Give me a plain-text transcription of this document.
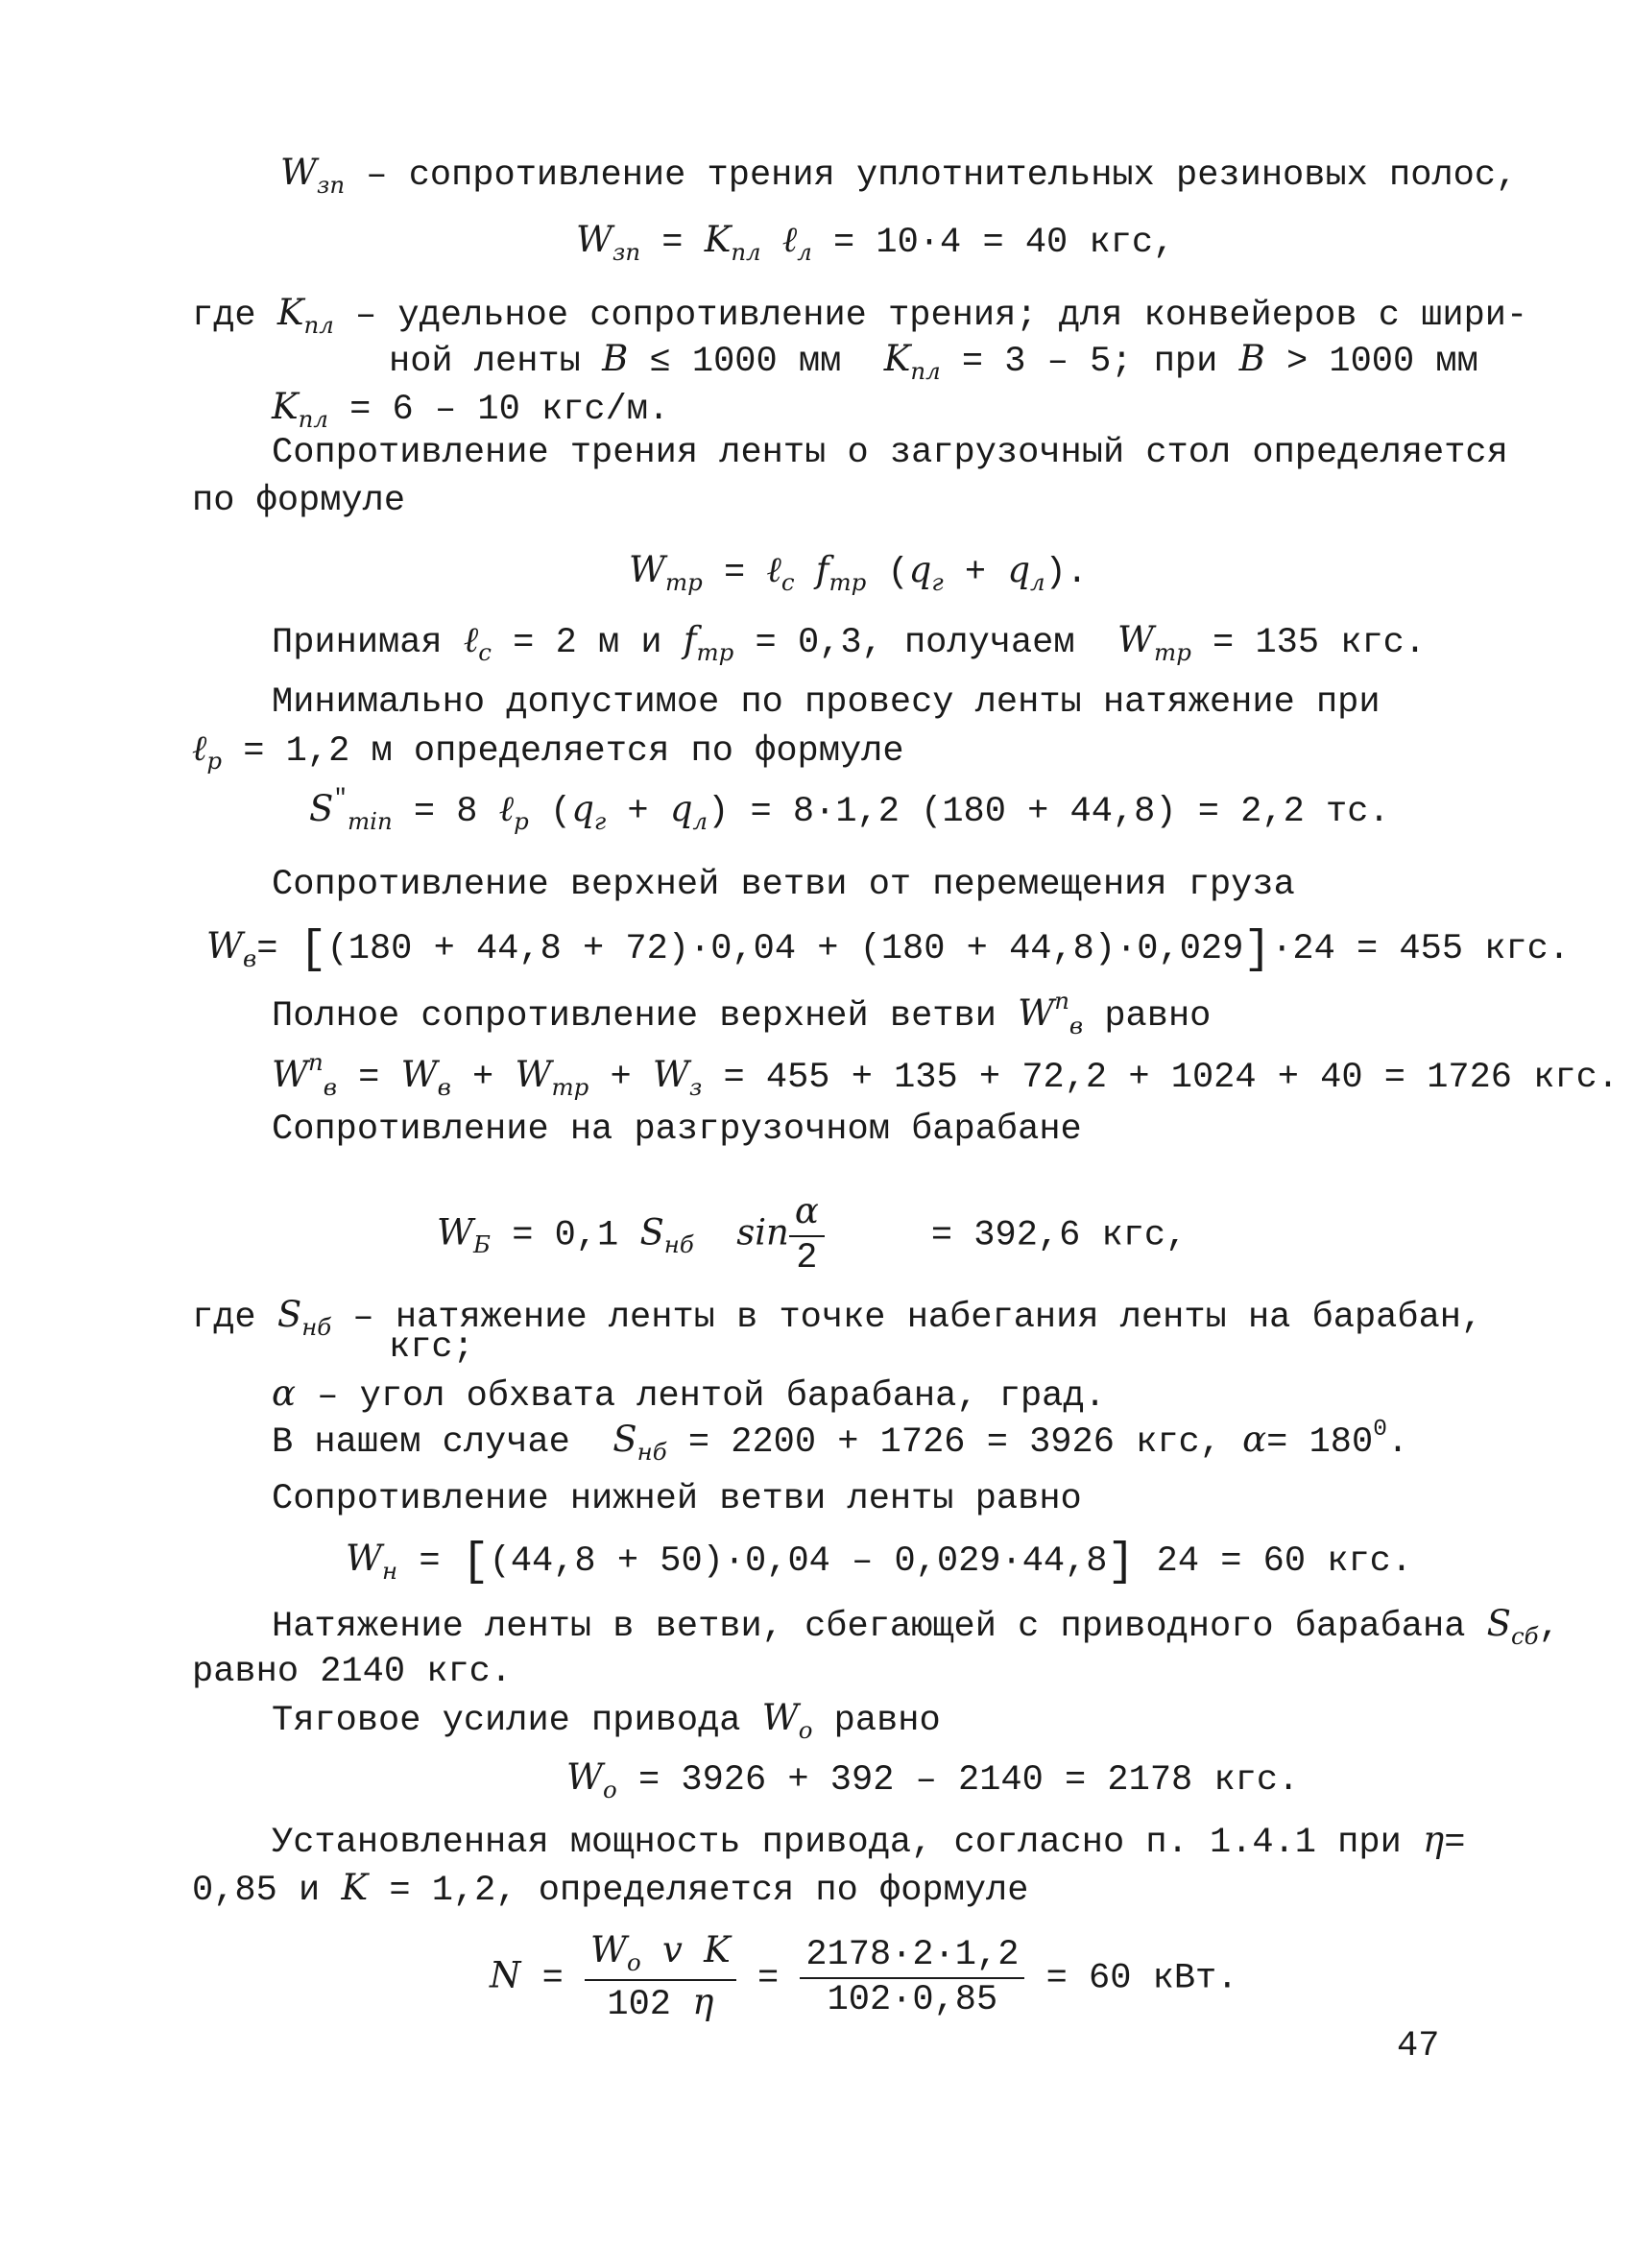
$W_{зп}$ – сопротивление трения уплотнительных резиновых полос,
$W_{зп} = K_{пл}$ ℓ$_л$ = 10·4 = 40 кгс,
где $K_{пл}$ – удельное сопротивление трения; для конвейеров с шири-
ной ленты B ≤ 1000 мм $K_{пл} = 3 - 5$; при B > 1000 мм
$K_{пл} = 6 - 10$ кгс/м.
Сопротивление трения ленты о загрузочный стол определяется
по формуле
$W_{тр}$ = ℓ$_с$ $f_{тр}$ $(q_г + q_л)$.
Принимая ℓ$_с$ = 2 м и $f_{тр} = 0,3$, получаем $W_{тр} = 135$ кгс.
Минимально допустимое по провесу ленты натяжение при
ℓ$_р$ = 1,2 м определяется по формуле
$S''_{min} = 8$ ℓ$_р$ $(q_г + q_л) = 8\cdot 1,2$ (180 + 44,8) = 2,2 тс.
Сопротивление верхней ветви от перемещения груза
$W_в= [(180 + 44,8 + 72)\cdot 0,04 + (180 + 44,8)\cdot 0,029]\cdot 24 = 455$ кгс.
Полное сопротивление верхней ветви $W^п_в$ равно
$W^п_в = W_в + W_{тр} + W_з = 455 + 135 + 72,2 + 1024 + 40 = 1726$ кгс.
Сопротивление на разгрузочном барабане
$W_Б = 0,1$ $S_{нб}$ $\sin \frac{\alpha}{2}$	= 392,6 кгс,
где $S_{нб}$ – натяжение ленты в точке набегания ленты на барабан,
кгс;
α – угол обхвата лентой барабана, град.
В нашем случае $S_{нб} = 2200 + 1726 = 3926$ кгс, $\alpha= 180^0$.
Сопротивление нижней ветви ленты равно
$W_н = [(44,8 + 50)\cdot 0,04 - 0,029\cdot 44,8] 24 = 60$ кгс.
Натяжение ленты в ветви, сбегающей с приводного барабана $S_{сб}$,
равно 2140 кгс.
Тяговое усилие привода $W_о$ равно
$W_о = 3926 + 392 - 2140 = 2178$ кгс.
Установленная мощность привода, согласно п. 1.4.1 при η=
0,85 и K = 1,2, определяется по формуле
$N = \frac{W_о v K}{102 \eta} = \frac{2178\cdot 2\cdot 1,2}{102\cdot 0,85} = 60$ кВт.
47
